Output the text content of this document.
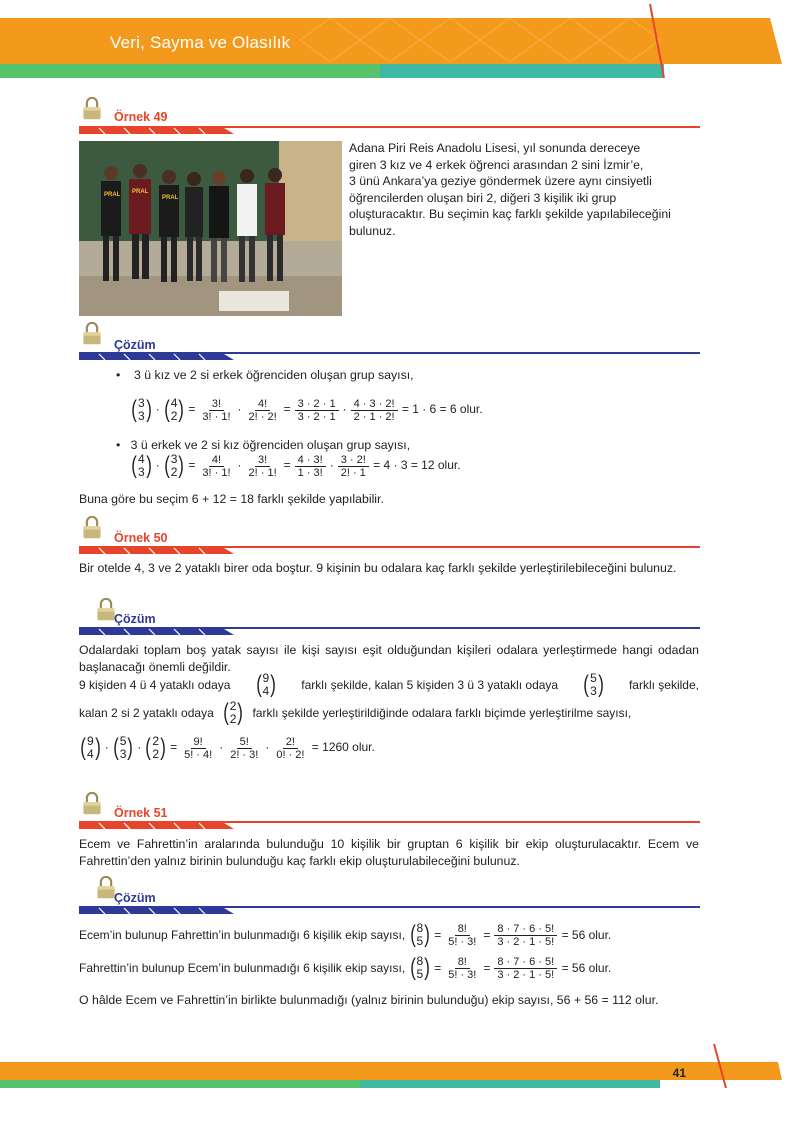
Veri, Sayma ve Olasılık
Örnek 49
PRAL	PRAL
PRAL
Adana Piri Reis Anadolu Lisesi, yıl sonunda dereceye
giren 3 kız ve 4 erkek öğrenci arasından 2 sini İzmir’e,
3 ünü Ankara’ya geziye göndermek üzere aynı cinsiyetli
öğrencilerden oluşan biri 2, diğeri 3 kişilik iki grup
oluşturacaktır. Bu seçimin kaç farklı şekilde yapılabileceğini
bulunuz.
Çözüm
•    3 ü kız ve 2 si erkek öğrenciden oluşan grup sayısı,
( 3
3 ) · ( 4
2 ) = $\frac{3!}{3! \cdot 1!} \cdot \frac{4!}{2! \cdot 2!} = \frac{3 \cdot 2 \cdot 1}{3 \cdot 2 \cdot 1} \cdot \frac{4 \cdot 3 \cdot 2!}{2 \cdot 1 \cdot 2!} = 1 \cdot 6 = 6$ olur.
•   3 ü erkek ve 2 si kız öğrenciden oluşan grup sayısı,
( 4
3 ) · ( 3
2 ) = $\frac{4!}{3! \cdot 1!} \cdot \frac{3!}{2! \cdot 1!} = \frac{4 \cdot 3!}{1 \cdot 3!} \cdot \frac{3 \cdot 2!}{2! \cdot 1} = 4 \cdot 3 = 12$ olur.
Buna göre bu seçim 6 + 12 = 18 farklı şekilde yapılabilir.
Örnek 50
Bir otelde 4, 3 ve 2 yataklı birer oda boştur. 9 kişinin bu odalara kaç farklı şekilde yerleştirilebileceğini bulunuz.
Çözüm
Odalardaki toplam boş yatak sayısı ile kişi sayısı eşit olduğundan kişileri odalara yerleştirmede hangi odadan başlanacağı önemli değildir.
9 kişiden 4 ü 4 yataklı odaya ( 9
4 ) farklı şekilde, kalan 5 kişiden 3 ü 3 yataklı odaya ( 5
3 ) farklı şekilde,
kalan 2 si 2 yataklı odaya ( 2
2 ) farklı şekilde yerleştirildiğinde odalara farklı biçimde yerleştirilme sayısı,
( 9
4 ) · ( 5
3 ) · ( 2
2 ) = $\frac{9!}{5! \cdot 4!} \cdot \frac{5!}{2! \cdot 3!} \cdot \frac{2!}{0! \cdot 2!} = 1260$ olur.
Örnek 51
Ecem ve Fahrettin’in aralarında bulunduğu 10 kişilik bir gruptan 6 kişilik bir ekip oluşturulacaktır. Ecem ve Fahrettin’den yalnız birinin bulunduğu kaç farklı ekip oluşturulabileceğini bulunuz.
Çözüm
Ecem’in bulunup Fahrettin’in bulunmadığı 6 kişilik ekip sayısı,
( 8
5 ) = $\frac{8!}{5! \cdot 3!} = \frac{8 \cdot 7 \cdot 6 \cdot 5!}{3 \cdot 2 \cdot 1 \cdot 5!}$
= 56 olur.
Fahrettin’in bulunup Ecem’in bulunmadığı 6 kişilik ekip sayısı,
( 8
5 ) = $\frac{8!}{5! \cdot 3!} = \frac{8 \cdot 7 \cdot 6 \cdot 5!}{3 \cdot 2 \cdot 1 \cdot 5!}$
= 56 olur.
O hâlde Ecem ve Fahrettin’in birlikte bulunmadığı (yalnız birinin bulunduğu) ekip sayısı, 56 + 56 = 112 olur.
41
